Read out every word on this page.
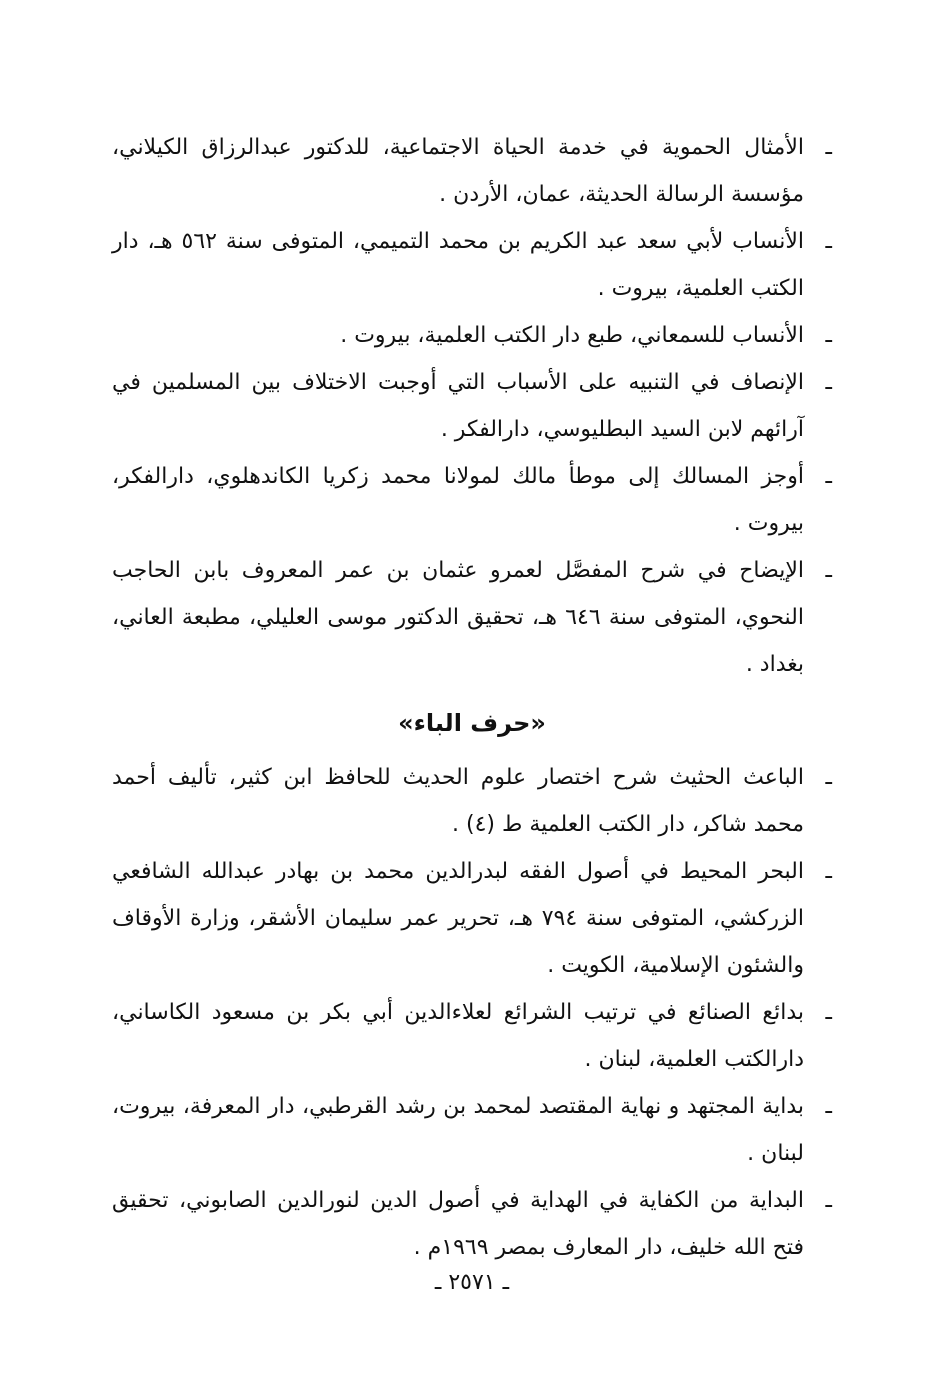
ـ
الأمثال الحموية في خدمة الحياة الاجتماعية، للدكتور عبدالرزاق الكيلاني، مؤسسة الرسالة الحديثة، عمان، الأردن .
ـ
الأنساب لأبي سعد عبد الكريم بن محمد التميمي، المتوفى سنة ٥٦٢ هـ، دار الكتب العلمية، بيروت .
ـ
الأنساب للسمعاني، طبع دار الكتب العلمية، بيروت .
ـ
الإنصاف في التنبيه على الأسباب التي أوجبت الاختلاف بين المسلمين في آرائهم لابن السيد البطليوسي، دارالفكر .
ـ
أوجز المسالك إلى موطأ مالك لمولانا محمد زكريا الكاندهلوي، دارالفكر، بيروت .
ـ
الإيضاح في شرح المفصَّل لعمرو عثمان بن عمر المعروف بابن الحاجب النحوي، المتوفى سنة ٦٤٦ هـ، تحقيق الدكتور موسى العليلي، مطبعة العاني، بغداد .
«حرف الباء»
ـ
الباعث الحثيث شرح اختصار علوم الحديث للحافظ ابن كثير، تأليف أحمد محمد شاكر، دار الكتب العلمية ط (٤) .
ـ
البحر المحيط في أصول الفقه لبدرالدين محمد بن بهادر عبدالله الشافعي الزركشي، المتوفى سنة ٧٩٤ هـ، تحرير عمر سليمان الأشقر، وزارة الأوقاف والشئون الإسلامية، الكويت .
ـ
بدائع الصنائع في ترتيب الشرائع لعلاءالدين أبي بكر بن مسعود الكاساني، دارالكتب العلمية، لبنان .
ـ
بداية المجتهد و نهاية المقتصد لمحمد بن رشد القرطبي، دار المعرفة، بيروت، لبنان .
ـ
البداية من الكفاية في الهداية في أصول الدين لنورالدين الصابوني، تحقيق فتح الله خليف، دار المعارف بمصر ١٩٦٩م .
ـ ٢٥٧١ ـ
